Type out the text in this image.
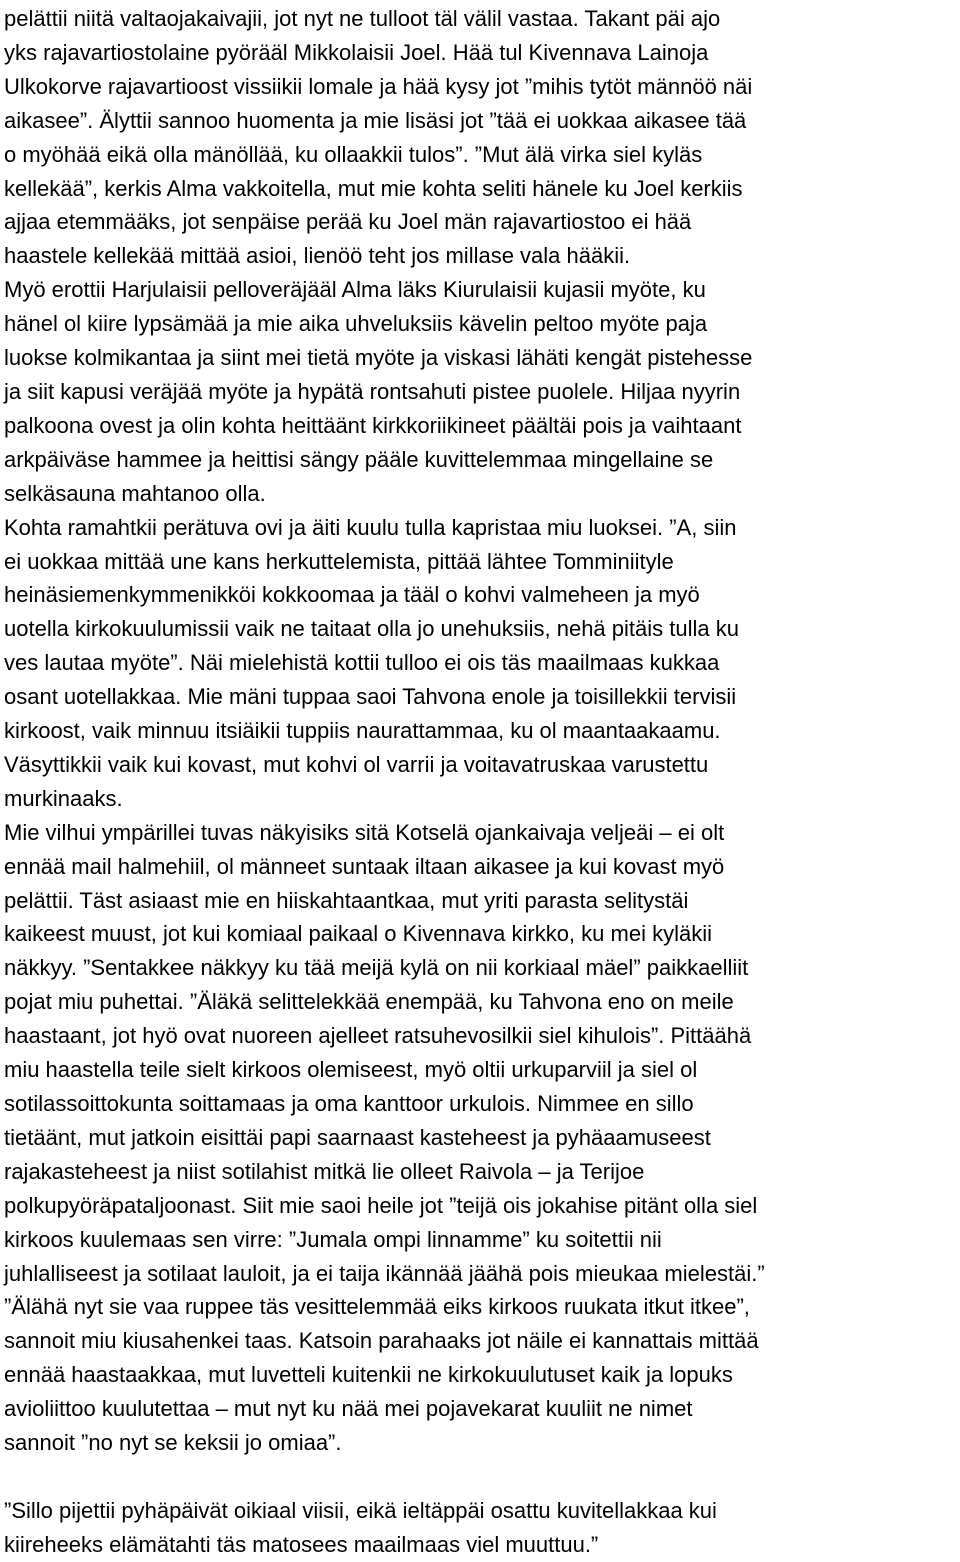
pelättii niitä valtaojakaivajii, jot nyt ne tulloot täl välil vastaa. Takant päi ajo

yks rajavartiostolaine pyörääl Mikkolaisii Joel. Hää tul Kivennava Lainoja

Ulkokorve rajavartioost vissiikii lomale ja hää kysy jot ”mihis tytöt männöö näi

aikasee”. Älyttii sannoo huomenta ja mie lisäsi jot ”tää ei uokkaa aikasee tää

o myöhää eikä olla mänöllää, ku ollaakkii tulos”. ”Mut älä virka siel kyläs

kellekää”, kerkis Alma vakkoitella, mut mie kohta seliti hänele ku Joel kerkiis

ajjaa etemmääks, jot senpäise perää ku Joel män rajavartiostoo ei hää

haastele kellekää mittää asioi, lienöö teht jos millase vala hääkii.

Myö erottii Harjulaisii pelloveräjääl Alma läks Kiurulaisii kujasii myöte, ku

hänel ol kiire lypsämää ja mie aika uhveluksiis kävelin peltoo myöte paja

luokse kolmikantaa ja siint mei tietä myöte ja viskasi lähäti kengät pistehesse

ja siit kapusi veräjää myöte ja hypätä rontsahuti pistee puolele. Hiljaa nyyrin

palkoona ovest ja olin kohta heittäänt kirkkoriikineet päältäi pois ja vaihtaant

arkpäiväse hammee ja heittisi sängy pääle kuvittelemmaa mingellaine se

selkäsauna mahtanoo olla.

Kohta ramahtkii perätuva ovi ja äiti kuulu tulla kapristaa miu luoksei. ”A, siin

ei uokkaa mittää une kans herkuttelemista, pittää lähtee Tomminiityle

heinäsiemenkymmenikköi kokkoomaa ja tääl o kohvi valmeheen ja myö

uotella kirkokuulumissii vaik ne taitaat olla jo unehuksiis, nehä pitäis tulla ku

ves lautaa myöte”. Näi mielehistä kottii tulloo ei ois täs maailmaas kukkaa

osant uotellakkaa. Mie mäni tuppaa saoi Tahvona enole ja toisillekkii tervisii

kirkoost, vaik minnuu itsiäikii tuppiis naurattammaa, ku ol maantaakaamu.

Väsyttikkii vaik kui kovast, mut kohvi ol varrii ja voitavatruskaa varustettu

murkinaaks.

Mie vilhui ympärillei tuvas näkyisiks sitä Kotselä ojankaivaja veljeäi – ei olt

ennää mail halmehiil, ol männeet suntaak iltaan aikasee ja kui kovast myö

pelättii. Täst asiaast mie en hiiskahtaantkaa, mut yriti parasta selitystäi

kaikeest muust, jot kui komiaal paikaal o Kivennava kirkko, ku mei kyläkii

näkkyy. ”Sentakkee näkkyy ku tää meijä kylä on nii korkiaal mäel” paikkaelliit

pojat miu puhettai. ”Äläkä selittelekkää enempää, ku Tahvona eno on meile

haastaant, jot hyö ovat nuoreen ajelleet ratsuhevosilkii siel kihulois”. Pittäähä

miu haastella teile sielt kirkoos olemiseest, myö oltii urkuparviil ja siel ol

sotilassoittokunta soittamaas ja oma kanttoor urkulois. Nimmee en sillo

tietäänt, mut jatkoin eisittäi papi saarnaast kasteheest ja pyhäaamuseest

rajakasteheest ja niist sotilahist mitkä lie olleet Raivola – ja Terijoe

polkupyöräpataljoonast. Siit mie saoi heile jot ”teijä ois jokahise pitänt olla siel

kirkoos kuulemaas sen virre: ”Jumala ompi linnamme” ku soitettii nii

juhlalliseest ja sotilaat lauloit, ja ei taija ikännää jäähä pois mieukaa mielestäi.”

”Älähä nyt sie vaa ruppee täs vesittelemmää eiks kirkoos ruukata itkut itkee”,

sannoit miu kiusahenkei taas. Katsoin parahaaks jot näile ei kannattais mittää

ennää haastaakkaa, mut luvetteli kuitenkii ne kirkokuulutuset kaik ja lopuks

avioliittoo kuulutettaa – mut nyt ku nää mei pojavekarat kuuliit ne nimet

sannoit ”no nyt se keksii jo omiaa”.

”Sillo pijettii pyhäpäivät oikiaal viisii, eikä ieltäppäi osattu kuvitellakkaa kui

kiireheeks elämätahti täs matosees maailmaas viel muuttuu.”
